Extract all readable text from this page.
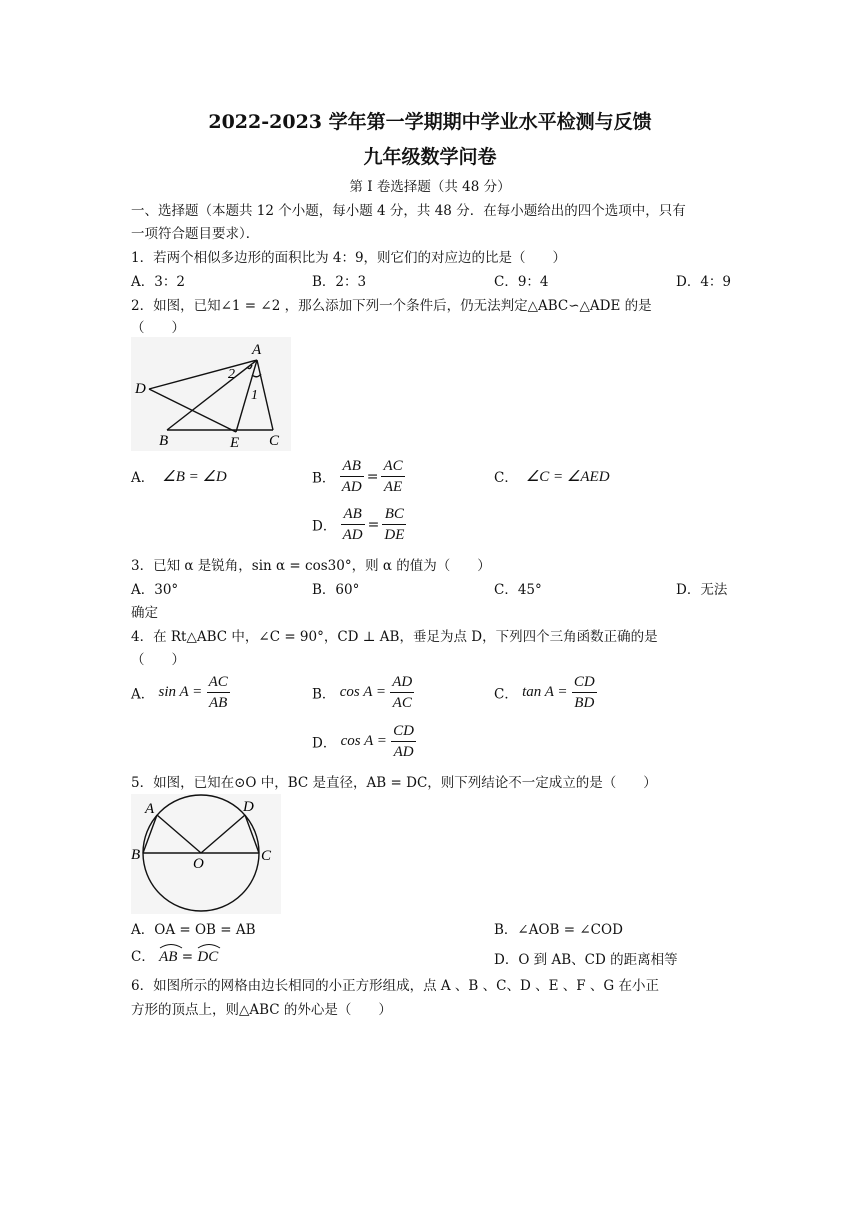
2022-2023 学年第一学期期中学业水平检测与反馈
九年级数学问卷
第 I 卷选择题（共 48 分）
一、选择题（本题共 12 个小题，每小题 4 分，共 48 分．在每小题给出的四个选项中，只有
一项符合题目要求）．
1．若两个相似多边形的面积比为 4：9，则它们的对应边的比是（　　）
A．3：2	B．2：3	C．9：4	D．4：9
2．如图，已知∠1 = ∠2 ，那么添加下列一个条件后，仍无法判定△ABC∽△ADE 的是
（　　）
A
D
B	E C
2
1
A． ∠B = ∠D	B． $\frac{AB}{AD} = \frac{AC}{AE}$	C． ∠C = ∠AED
D． $\frac{AB}{AD} = \frac{BC}{DE}$
3．已知 α 是锐角，sin α = cos30°，则 α 的值为（　　）
A．30°	B．60°	C．45°	D．无法
确定
4．在 Rt△ABC 中，∠C = 90°，CD ⊥ AB，垂足为点 D，下列四个三角函数正确的是
（　　）
A． $\sin A = \frac{AC}{AB}$	B． $\cos A = \frac{AD}{AC}$	C． $\tan A = \frac{CD}{BD}$
D． $\cos A = \frac{CD}{AD}$
5．如图，已知在⊙O 中，BC 是直径，AB = DC，则下列结论不一定成立的是（　　）
A	D
B	C
O
A．OA = OB = AB	B．∠AOB = ∠COD
C． AB = DC	D．O 到 AB、CD 的距离相等
6．如图所示的网格由边长相同的小正方形组成，点 A 、B 、C、D 、E 、F 、G 在小正
方形的顶点上，则△ABC 的外心是（　　）
